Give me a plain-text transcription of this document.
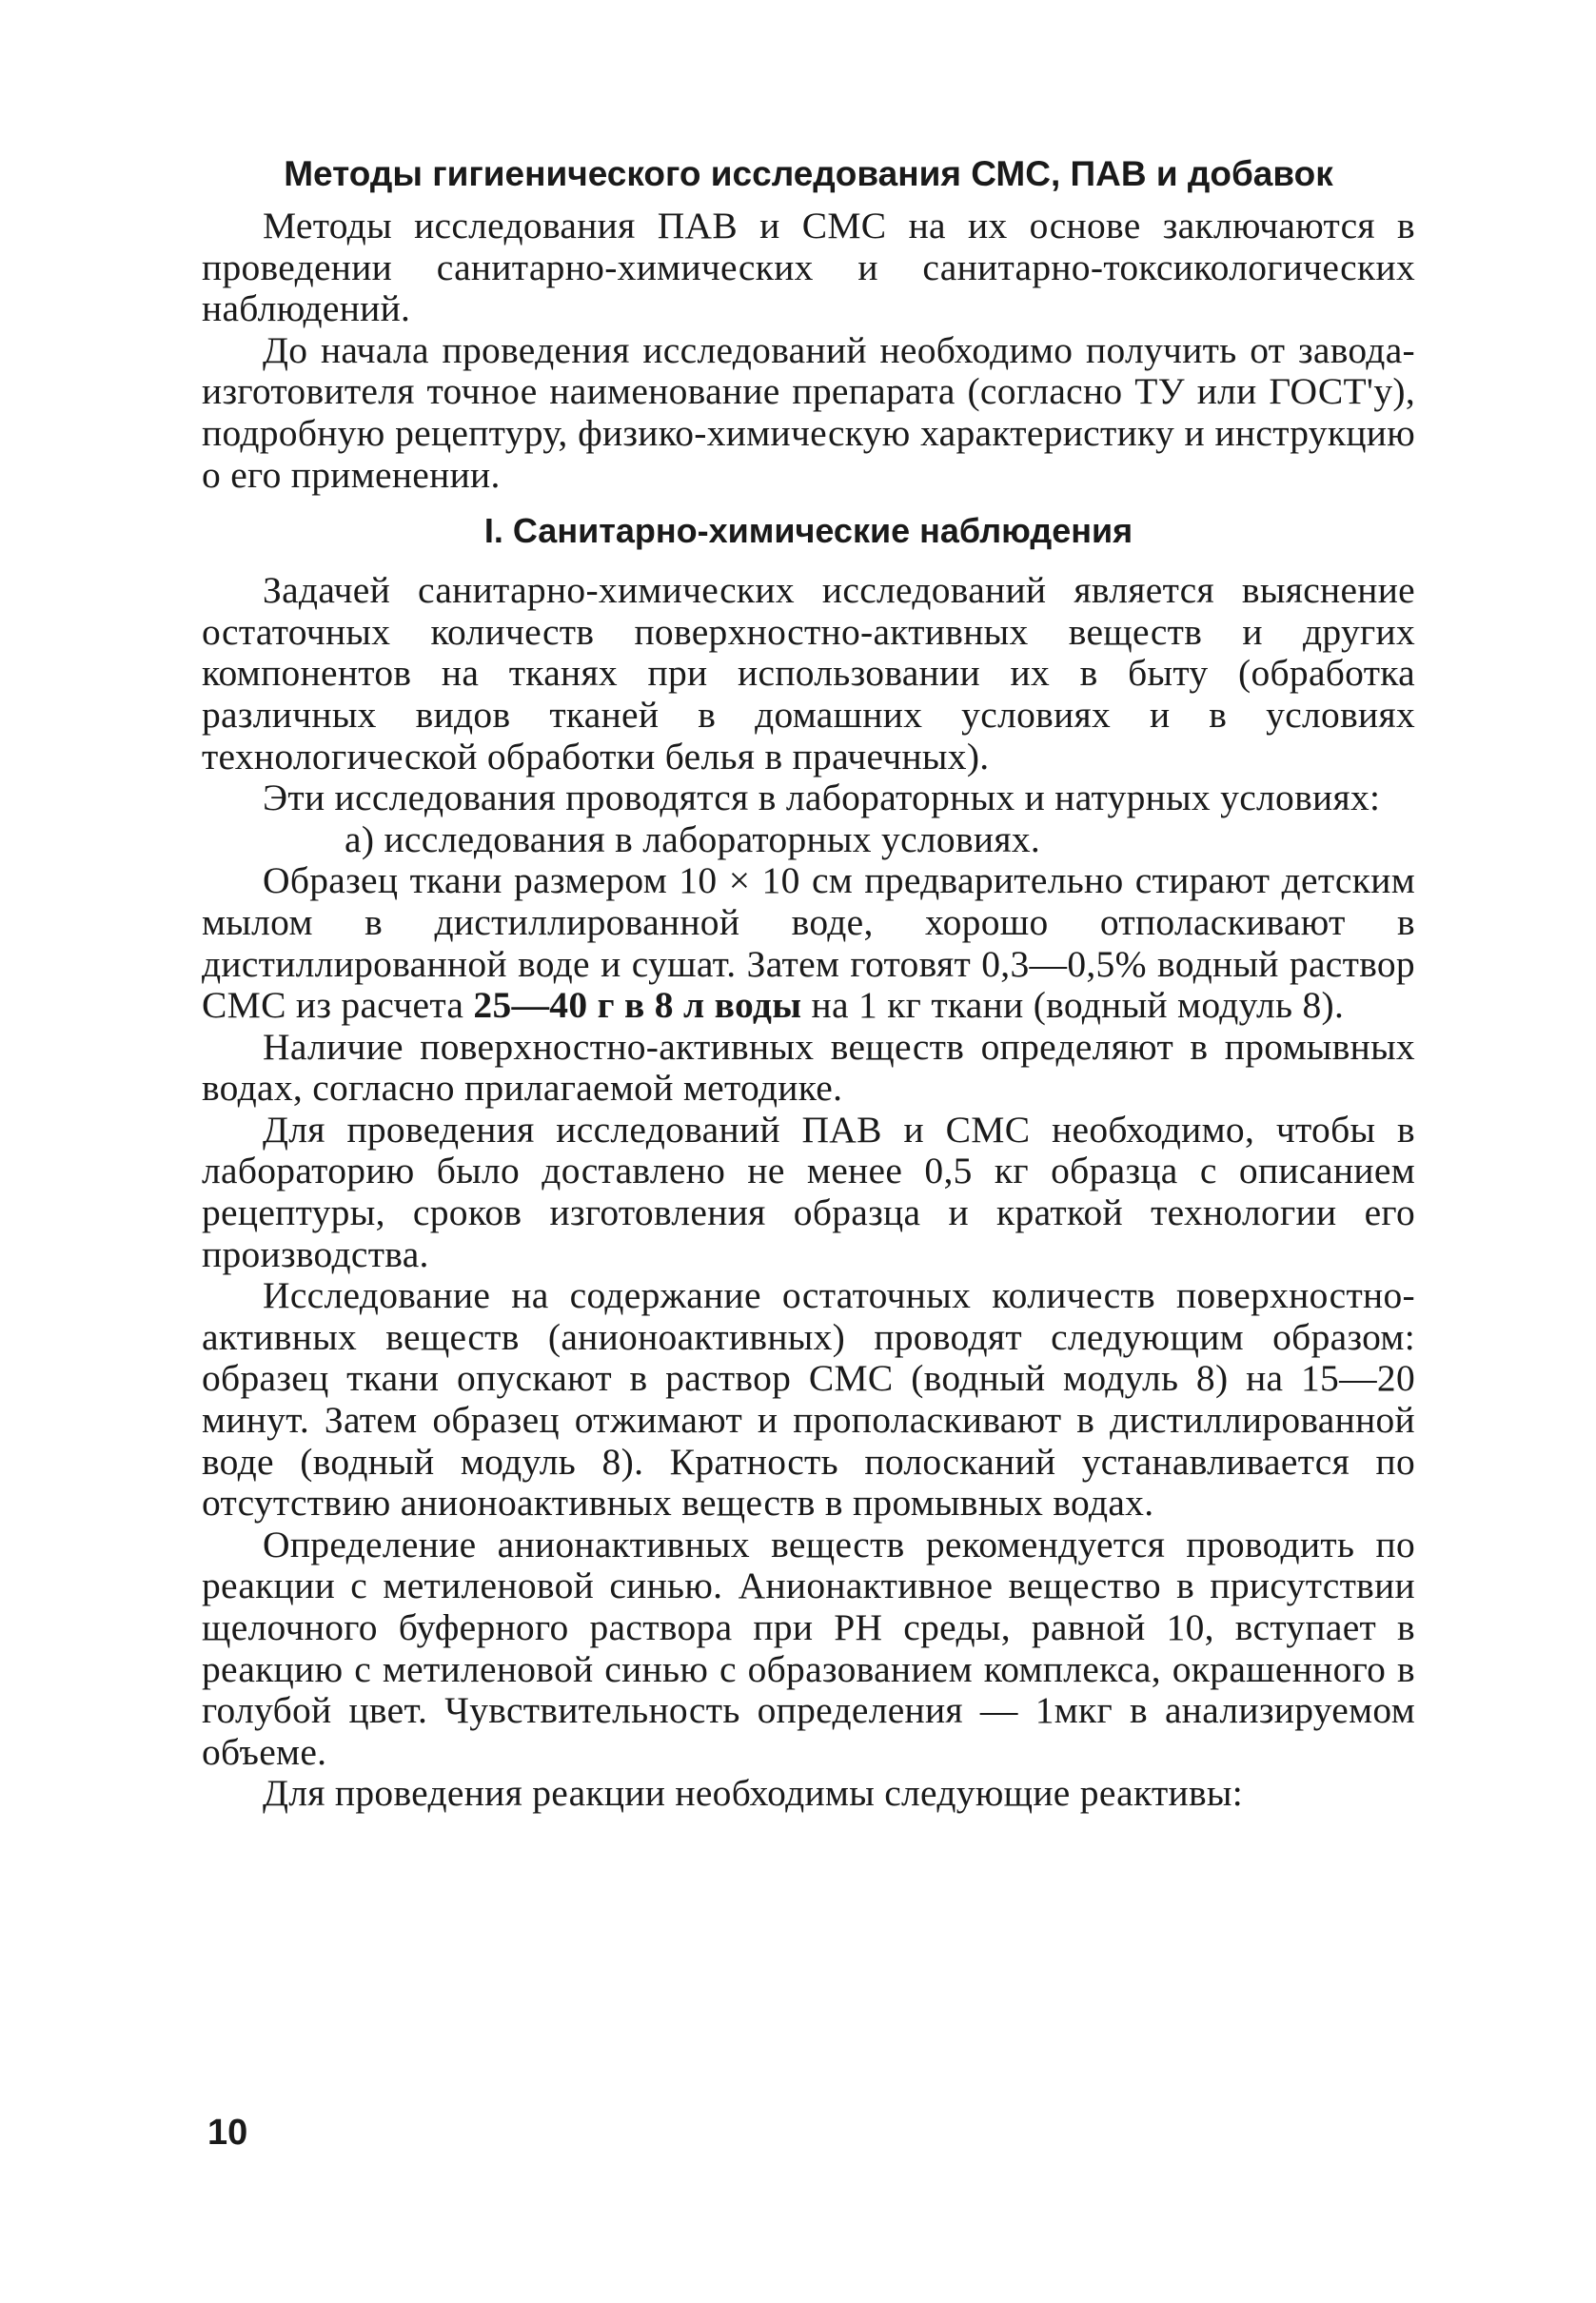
Методы гигиенического исследования СМС, ПАВ и добавок

Методы исследования ПАВ и СМС на их основе заключаются в проведении санитарно-химических и санитарно-токсикологических наблюдений.

До начала проведения исследований необходимо получить от завода-изготовителя точное наименование препарата (согласно ТУ или ГОСТ'у), подробную рецептуру, физико-химическую характеристику и инструкцию о его применении.

I. Санитарно-химические наблюдения

Задачей санитарно-химических исследований является выяснение остаточных количеств поверхностно-активных веществ и других компонентов на тканях при использовании их в быту (обработка различных видов тканей в домашних условиях и в условиях технологической обработки белья в прачечных).

Эти исследования проводятся в лабораторных и натурных условиях:

а) исследования в лабораторных условиях.

Образец ткани размером 10 × 10 см предварительно стирают детским мылом в дистиллированной воде, хорошо отполаскивают в дистиллированной воде и сушат. Затем готовят 0,3—0,5% водный раствор СМС из расчета 25—40 г в 8 л воды на 1 кг ткани (водный модуль 8).

Наличие поверхностно-активных веществ определяют в промывных водах, согласно прилагаемой методике.

Для проведения исследований ПАВ и СМС необходимо, чтобы в лабораторию было доставлено не менее 0,5 кг образца с описанием рецептуры, сроков изготовления образца и краткой технологии его производства.

Исследование на содержание остаточных количеств поверхностно-активных веществ (анионоактивных) проводят следующим образом: образец ткани опускают в раствор СМС (водный модуль 8) на 15—20 минут. Затем образец отжимают и прополаскивают в дистиллированной воде (водный модуль 8). Кратность полосканий устанавливается по отсутствию анионоактивных веществ в промывных водах.

Определение анионактивных веществ рекомендуется проводить по реакции с метиленовой синью. Анионактивное вещество в присутствии щелочного буферного раствора при PH среды, равной 10, вступает в реакцию с метиленовой синью с образованием комплекса, окрашенного в голубой цвет. Чувствительность определения — 1мкг в анализируемом объеме.

Для проведения реакции необходимы следующие реактивы:

10
